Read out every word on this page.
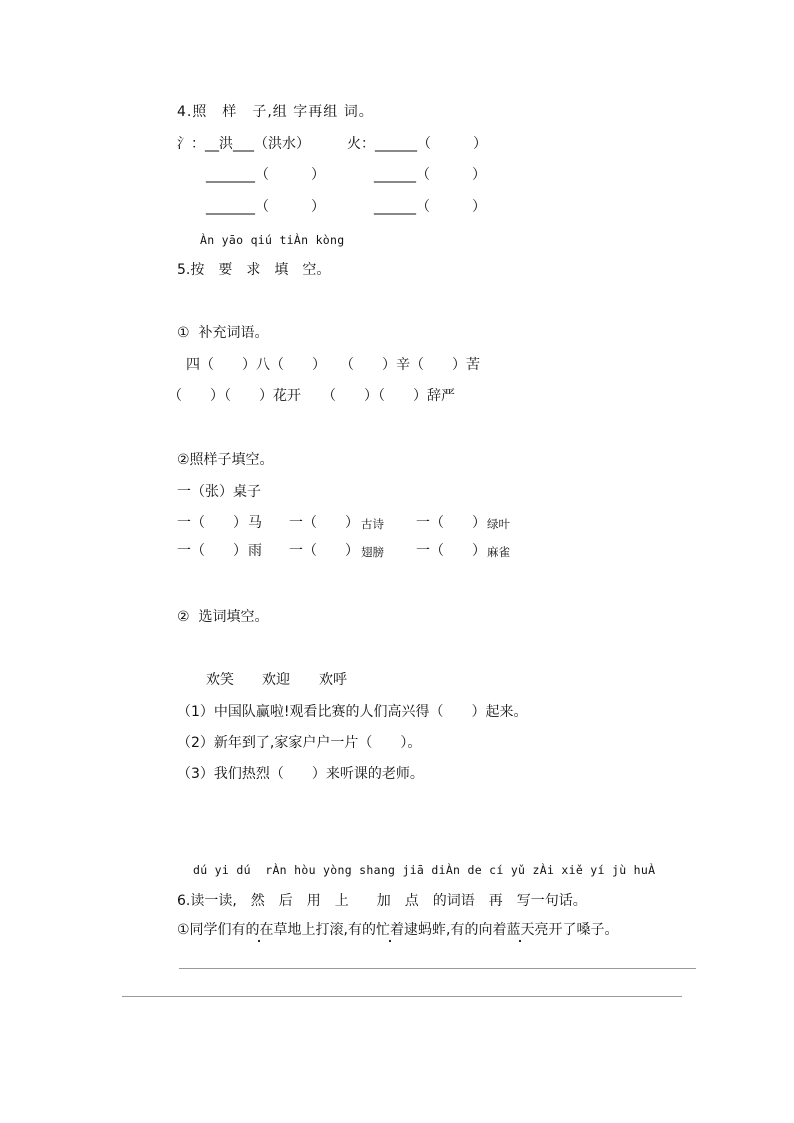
4.照　样　子,组 字再组 词。
氵：__洪___（洪水）	火：______（　　　）
_______（　　　）	______（　　　）
_______（　　　）	______（　　　）
Àn yāo qiú tiÀn kòng
5.按　要　求　填　空。
①  补充词语。
四（　　）八（　　）　　（　　）辛（　　）苦
（　　）（　　）花开　　（　　）（　　）辞严
②照样子填空。
一（张）桌子
一（　　） 马 一（　　） 古诗 一（　　） 绿叶
一（　　） 雨 一（　　） 翅膀 一（　　） 麻雀
②  选词填空。
欢笑 欢迎 欢呼
（1）中国队赢啦!观看比赛的人们高兴得（　　）起来。
（2）新年到了,家家户户一片（　　）。
（3）我们热烈（　　）来听课的老师。
dú yi dú  rÀn hòu yòng shang jiā diÀn de cí yǔ zÀi xiě yí jù huÀ
6.读一读,　然　后　用　上　　加　点　的词语　再　写一句话。
①同学们有的在草地上打滚,有的忙着逮蚂蚱,有的向着蓝天亮开了嗓子。
